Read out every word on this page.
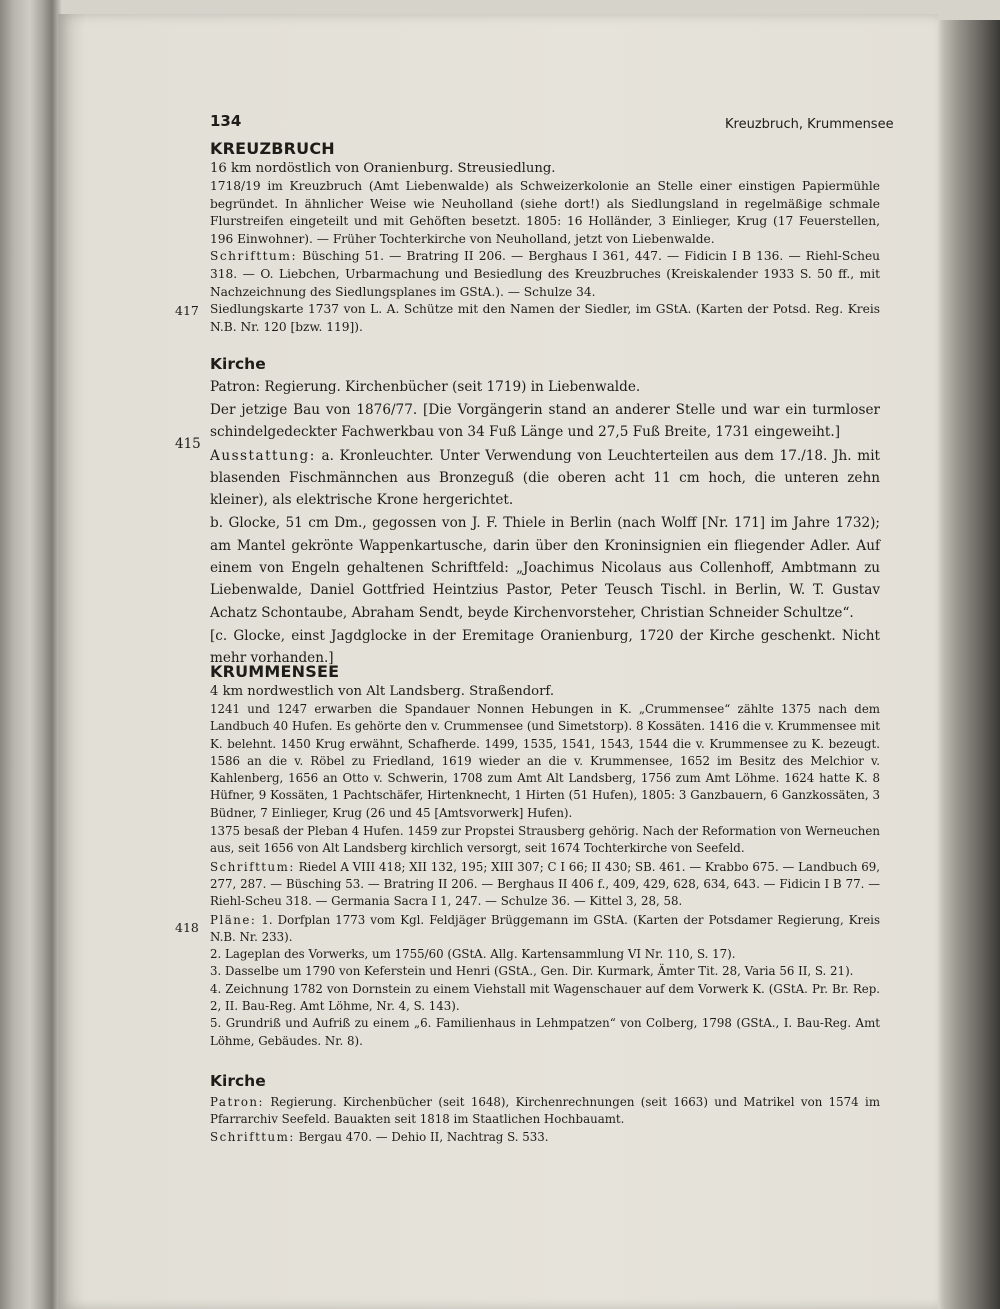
134	Kreuzbruch, Krummensee
KREUZBRUCH

16 km nordöstlich von Oranienburg. Streusiedlung.

1718/19 im Kreuzbruch (Amt Liebenwalde) als Schweizerkolonie an Stelle einer einstigen Papiermühle begründet. In ähnlicher Weise wie Neuholland (siehe dort!) als Siedlungsland in regelmäßige schmale Flurstreifen eingeteilt und mit Gehöften besetzt. 1805: 16 Holländer, 3 Einlieger, Krug (17 Feuerstellen, 196 Einwohner). — Früher Tochterkirche von Neuholland, jetzt von Liebenwalde.

Schrifttum: Büsching 51. — Bratring II 206. — Berghaus I 361, 447. — Fidicin I B 136. — Riehl-Scheu 318. — O. Liebchen, Urbarmachung und Besiedlung des Kreuzbruches (Kreiskalender 1933 S. 50 ff., mit Nachzeichnung des Siedlungsplanes im GStA.). — Schulze 34.

Siedlungskarte 1737 von L. A. Schütze mit den Namen der Siedler, im GStA. (Karten der Potsd. Reg. Kreis N.B. Nr. 120 [bzw. 119]).

417
Kirche

Patron: Regierung. Kirchenbücher (seit 1719) in Liebenwalde.

Der jetzige Bau von 1876/77. [Die Vorgängerin stand an anderer Stelle und war ein turmloser schindelgedeckter Fachwerkbau von 34 Fuß Länge und 27,5 Fuß Breite, 1731 eingeweiht.]

Ausstattung: a. Kronleuchter. Unter Verwendung von Leuchterteilen aus dem 17./18. Jh. mit blasenden Fischmännchen aus Bronzeguß (die oberen acht 11 cm hoch, die unteren zehn kleiner), als elektrische Krone hergerichtet.

b. Glocke, 51 cm Dm., gegossen von J. F. Thiele in Berlin (nach Wolff [Nr. 171] im Jahre 1732); am Mantel gekrönte Wappenkartusche, darin über den Kroninsignien ein fliegender Adler. Auf einem von Engeln gehaltenen Schriftfeld: „Joachimus Nicolaus aus Collenhoff, Ambtmann zu Liebenwalde, Daniel Gottfried Heintzius Pastor, Peter Teusch Tischl. in Berlin, W. T. Gustav Achatz Schontaube, Abraham Sendt, beyde Kirchenvorsteher, Christian Schneider Schultze“.

[c. Glocke, einst Jagdglocke in der Eremitage Oranienburg, 1720 der Kirche geschenkt. Nicht mehr vorhanden.]

415
KRUMMENSEE

4 km nordwestlich von Alt Landsberg. Straßendorf.

1241 und 1247 erwarben die Spandauer Nonnen Hebungen in K. „Crummensee“ zählte 1375 nach dem Landbuch 40 Hufen. Es gehörte den v. Crummensee (und Simetstorp). 8 Kossäten. 1416 die v. Krummensee mit K. belehnt. 1450 Krug erwähnt, Schafherde. 1499, 1535, 1541, 1543, 1544 die v. Krummensee zu K. bezeugt. 1586 an die v. Röbel zu Friedland, 1619 wieder an die v. Krummensee, 1652 im Besitz des Melchior v. Kahlenberg, 1656 an Otto v. Schwerin, 1708 zum Amt Alt Landsberg, 1756 zum Amt Löhme. 1624 hatte K. 8 Hüfner, 9 Kossäten, 1 Pachtschäfer, Hirtenknecht, 1 Hirten (51 Hufen), 1805: 3 Ganzbauern, 6 Ganzkossäten, 3 Büdner, 7 Einlieger, Krug (26 und 45 [Amtsvorwerk] Hufen).

1375 besaß der Pleban 4 Hufen. 1459 zur Propstei Strausberg gehörig. Nach der Reformation von Werneuchen aus, seit 1656 von Alt Landsberg kirchlich versorgt, seit 1674 Tochterkirche von Seefeld.

Schrifttum: Riedel A VIII 418; XII 132, 195; XIII 307; C I 66; II 430; SB. 461. — Krabbo 675. — Landbuch 69, 277, 287. — Büsching 53. — Bratring II 206. — Berghaus II 406 f., 409, 429, 628, 634, 643. — Fidicin I B 77. — Riehl-Scheu 318. — Germania Sacra I 1, 247. — Schulze 36. — Kittel 3, 28, 58.

Pläne: 1. Dorfplan 1773 vom Kgl. Feldjäger Brüggemann im GStA. (Karten der Potsdamer Regierung, Kreis N.B. Nr. 233).

2. Lageplan des Vorwerks, um 1755/60 (GStA. Allg. Kartensammlung VI Nr. 110, S. 17).

3. Dasselbe um 1790 von Keferstein und Henri (GStA., Gen. Dir. Kurmark, Ämter Tit. 28, Varia 56 II, S. 21).

4. Zeichnung 1782 von Dornstein zu einem Viehstall mit Wagenschauer auf dem Vorwerk K. (GStA. Pr. Br. Rep. 2, II. Bau-Reg. Amt Löhme, Nr. 4, S. 143).

5. Grundriß und Aufriß zu einem „6. Familienhaus in Lehmpatzen“ von Colberg, 1798 (GStA., I. Bau-Reg. Amt Löhme, Gebäudes. Nr. 8).

418
Kirche

Patron: Regierung. Kirchenbücher (seit 1648), Kirchenrechnungen (seit 1663) und Matrikel von 1574 im Pfarrarchiv Seefeld. Bauakten seit 1818 im Staatlichen Hochbauamt.

Schrifttum: Bergau 470. — Dehio II, Nachtrag S. 533.
